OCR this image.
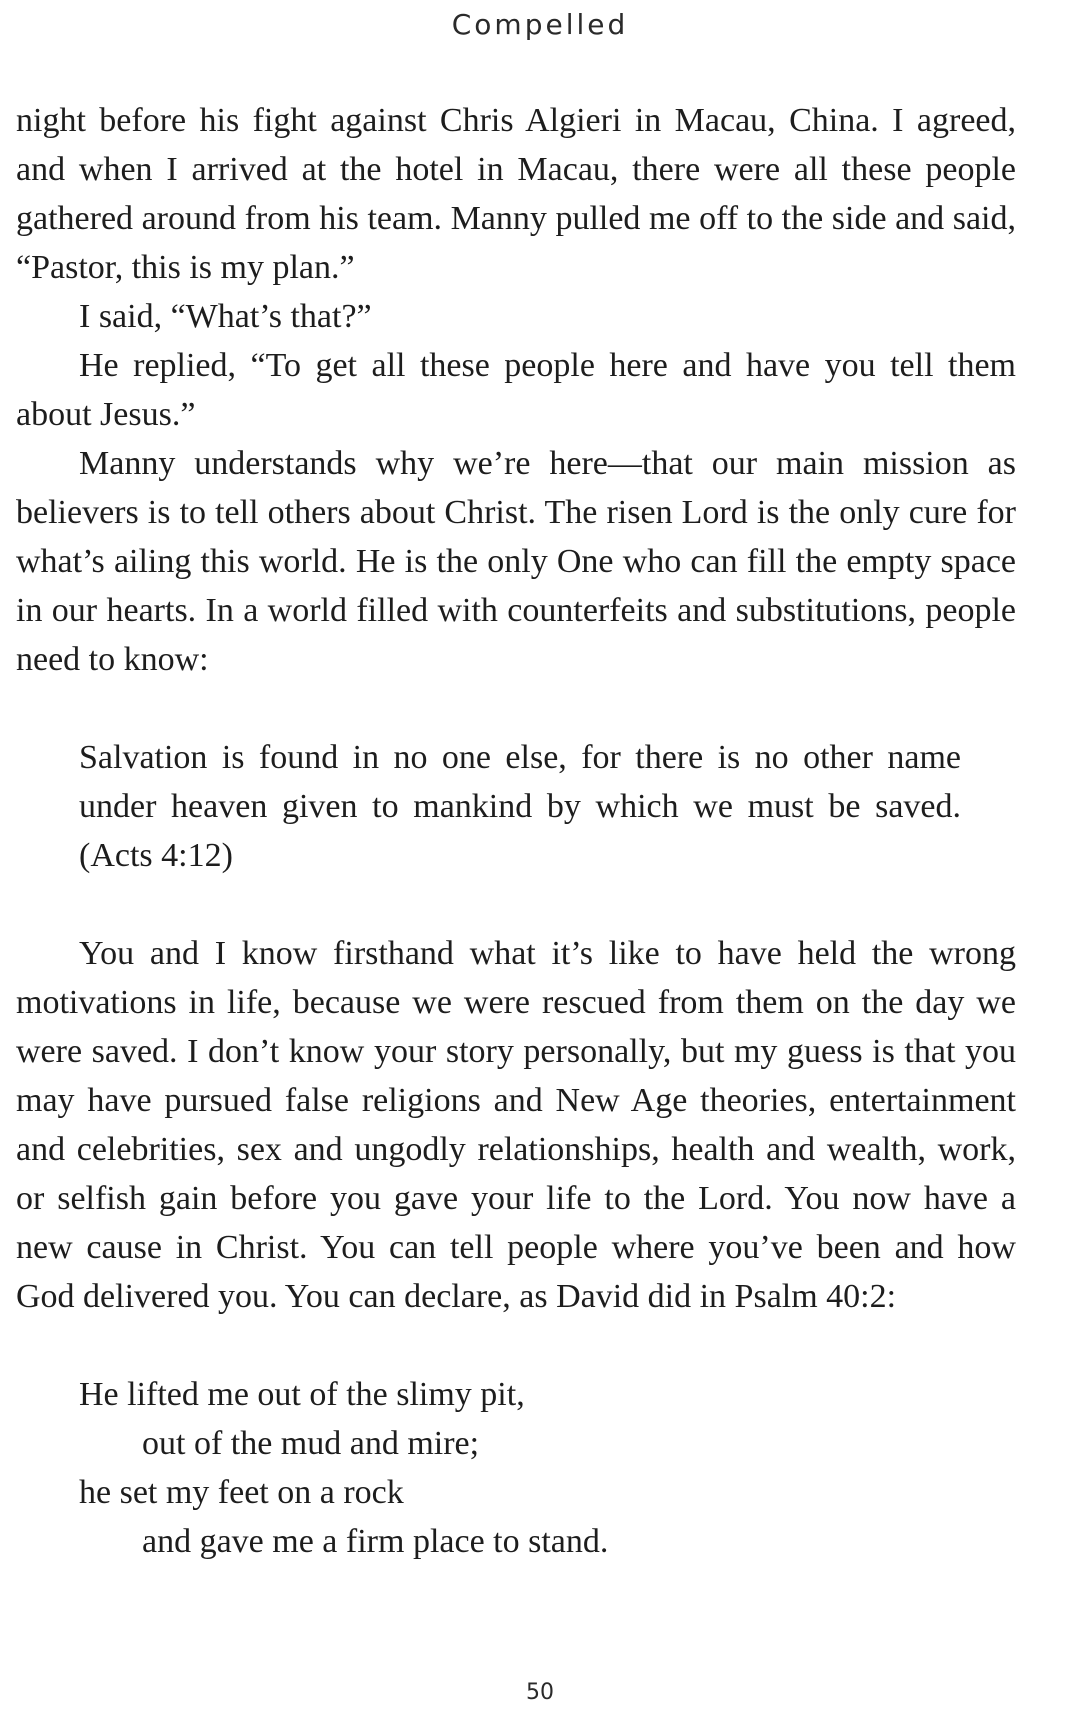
Compelled

night before his fight against Chris Algieri in Macau, China. I agreed, and when I arrived at the hotel in Macau, there were all these people gathered around from his team. Manny pulled me off to the side and said, “Pastor, this is my plan.”

I said, “What’s that?”

He replied, “To get all these people here and have you tell them about Jesus.”

Manny understands why we’re here—that our main mission as believers is to tell others about Christ. The risen Lord is the only cure for what’s ailing this world. He is the only One who can fill the empty space in our hearts. In a world filled with counterfeits and substitutions, people need to know:

Salvation is found in no one else, for there is no other name under heaven given to mankind by which we must be saved. (Acts 4:12)

You and I know firsthand what it’s like to have held the wrong motivations in life, because we were rescued from them on the day we were saved. I don’t know your story personally, but my guess is that you may have pursued false religions and New Age theories, entertainment and celebrities, sex and ungodly relationships, health and wealth, work, or selfish gain before you gave your life to the Lord. You now have a new cause in Christ. You can tell people where you’ve been and how God delivered you. You can declare, as David did in Psalm 40:2:

He lifted me out of the slimy pit,
out of the mud and mire;
he set my feet on a rock
and gave me a firm place to stand.

50
